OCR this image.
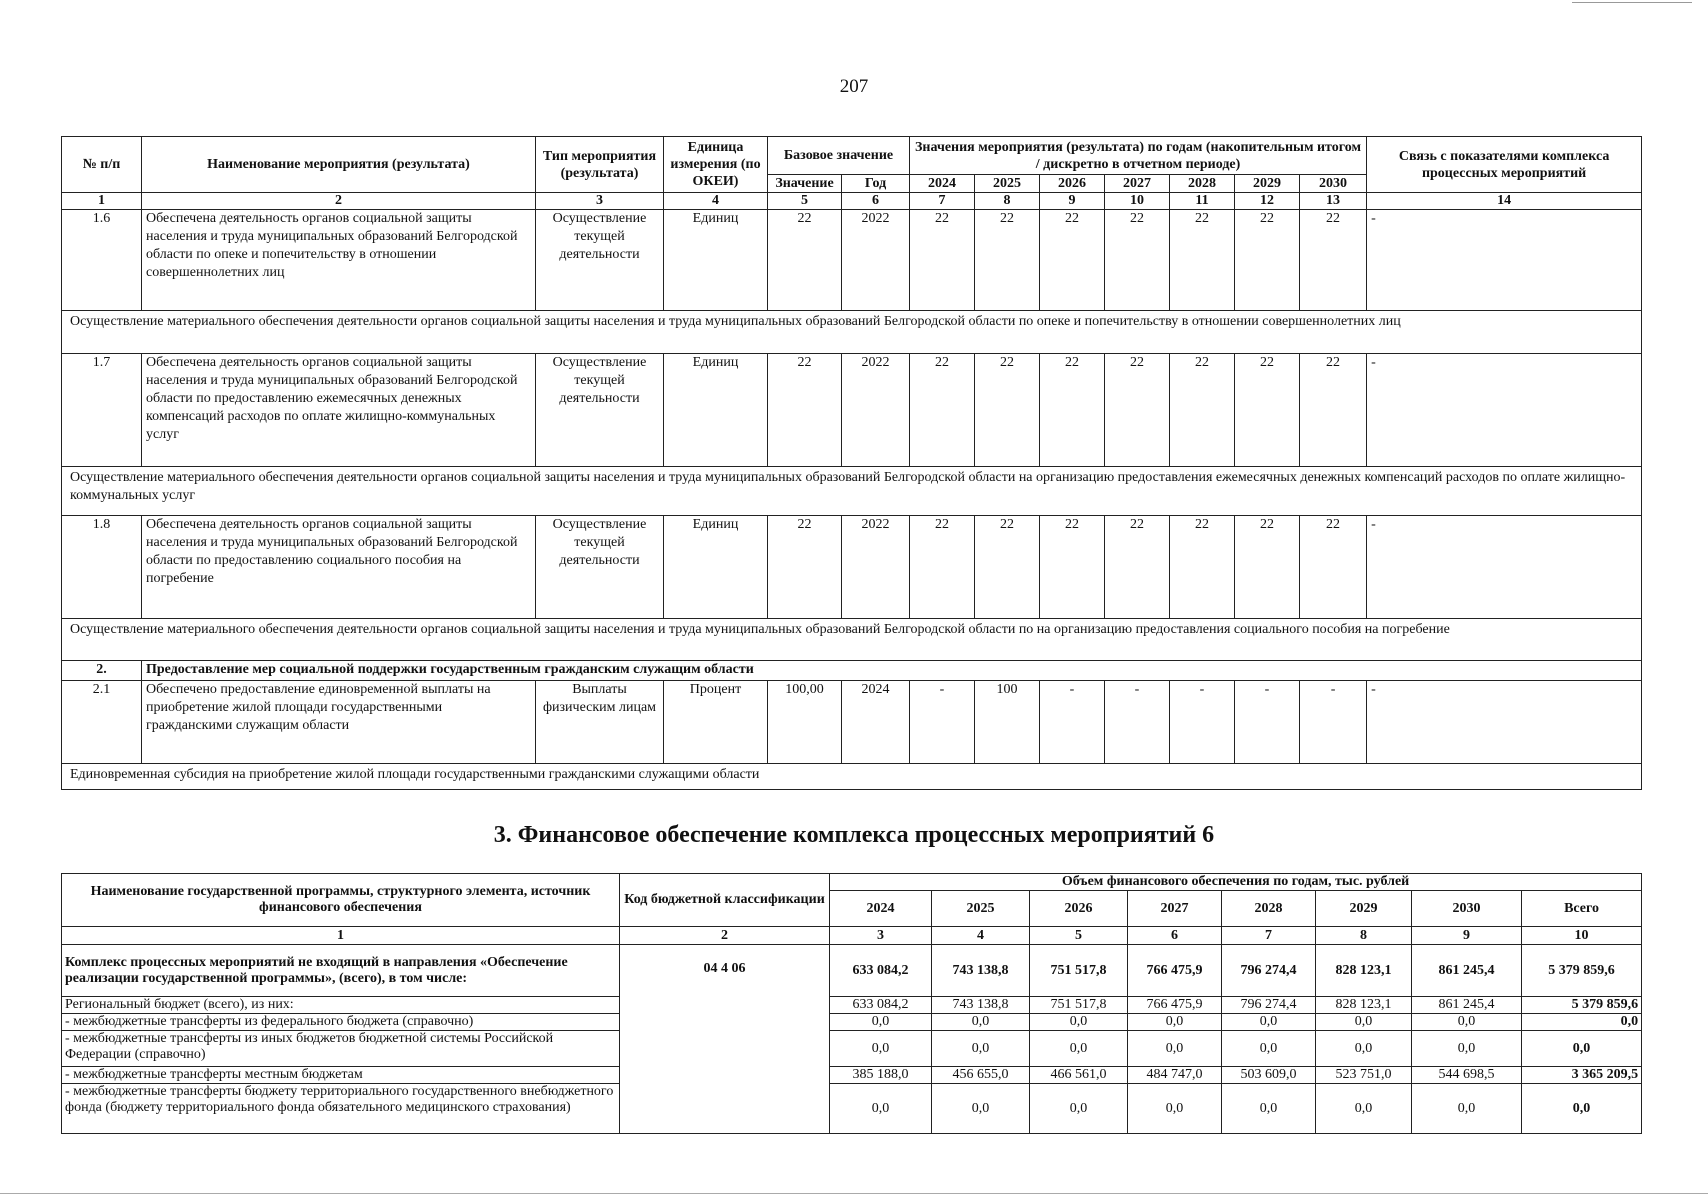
207
№ п/п	Наименование мероприятия (результата)	Тип мероприятия (результата)	Единица измерения (по ОКЕИ)	Базовое значение		Значения мероприятия (результата) по годам (накопительным итогом / дискретно в отчетном периоде)							Связь с показателями комплекса процессных мероприятий
				Значение	Год	2024	2025	2026	2027	2028	2029	2030	
1	2	3	4	5	6	7	8	9	10	11	12	13	14
1.6	Обеспечена деятельность органов социальной защиты населения и труда муниципальных образований Белгородской области по опеке и попечительству в отношении совершеннолетних лиц	Осуществление текущей деятельности	Единиц	22	2022	22	22	22	22	22	22	22	-
Осуществление материального обеспечения деятельности органов социальной защиты населения и труда муниципальных образований Белгородской области по опеке и попечительству в отношении совершеннолетних лиц													
1.7	Обеспечена деятельность органов социальной защиты населения и труда муниципальных образований Белгородской области по предоставлению ежемесячных денежных компенсаций расходов по оплате жилищно-коммунальных услуг	Осуществление текущей деятельности	Единиц	22	2022	22	22	22	22	22	22	22	-
Осуществление материального обеспечения деятельности органов социальной защиты населения и труда муниципальных образований Белгородской области на организацию предоставления ежемесячных денежных компенсаций расходов по оплате жилищно-коммунальных услуг													
1.8	Обеспечена деятельность органов социальной защиты населения и труда муниципальных образований Белгородской области по предоставлению социального пособия на погребение	Осуществление текущей деятельности	Единиц	22	2022	22	22	22	22	22	22	22	-
Осуществление материального обеспечения деятельности органов социальной защиты населения и труда муниципальных образований Белгородской области по на организацию предоставления социального пособия на погребение													
2.	Предоставление мер социальной поддержки государственным гражданским служащим области												
2.1	Обеспечено предоставление единовременной выплаты на приобретение жилой площади государственными гражданскими служащим области	Выплаты физическим лицам	Процент	100,00	2024	-	100	-	-	-	-	-	-
Единовременная субсидия на приобретение жилой площади государственными гражданскими служащими области													
3. Финансовое обеспечение комплекса процессных мероприятий 6
Наименование государственной программы, структурного элемента, источник финансового обеспечения	Код бюджетной классификации	Объем финансового обеспечения по годам, тыс. рублей							
		2024	2025	2026	2027	2028	2029	2030	Всего
1	2	3	4	5	6	7	8	9	10
Комплекс процессных мероприятий не входящий в направления «Обеспечение реализации государственной программы», (всего), в том числе:	04 4 06	633 084,2	743 138,8	751 517,8	766 475,9	796 274,4	828 123,1	861 245,4	5 379 859,6
Региональный бюджет (всего), из них:		633 084,2	743 138,8	751 517,8	766 475,9	796 274,4	828 123,1	861 245,4	5 379 859,6
- межбюджетные трансферты из федерального бюджета (справочно)		0,0	0,0	0,0	0,0	0,0	0,0	0,0	0,0
- межбюджетные трансферты из иных бюджетов бюджетной системы Российской Федерации (справочно)		0,0	0,0	0,0	0,0	0,0	0,0	0,0	0,0
- межбюджетные трансферты местным бюджетам		385 188,0	456 655,0	466 561,0	484 747,0	503 609,0	523 751,0	544 698,5	3 365 209,5
- межбюджетные трансферты бюджету территориального государственного внебюджетного фонда (бюджету территориального фонда обязательного медицинского страхования)		0,0	0,0	0,0	0,0	0,0	0,0	0,0	0,0
